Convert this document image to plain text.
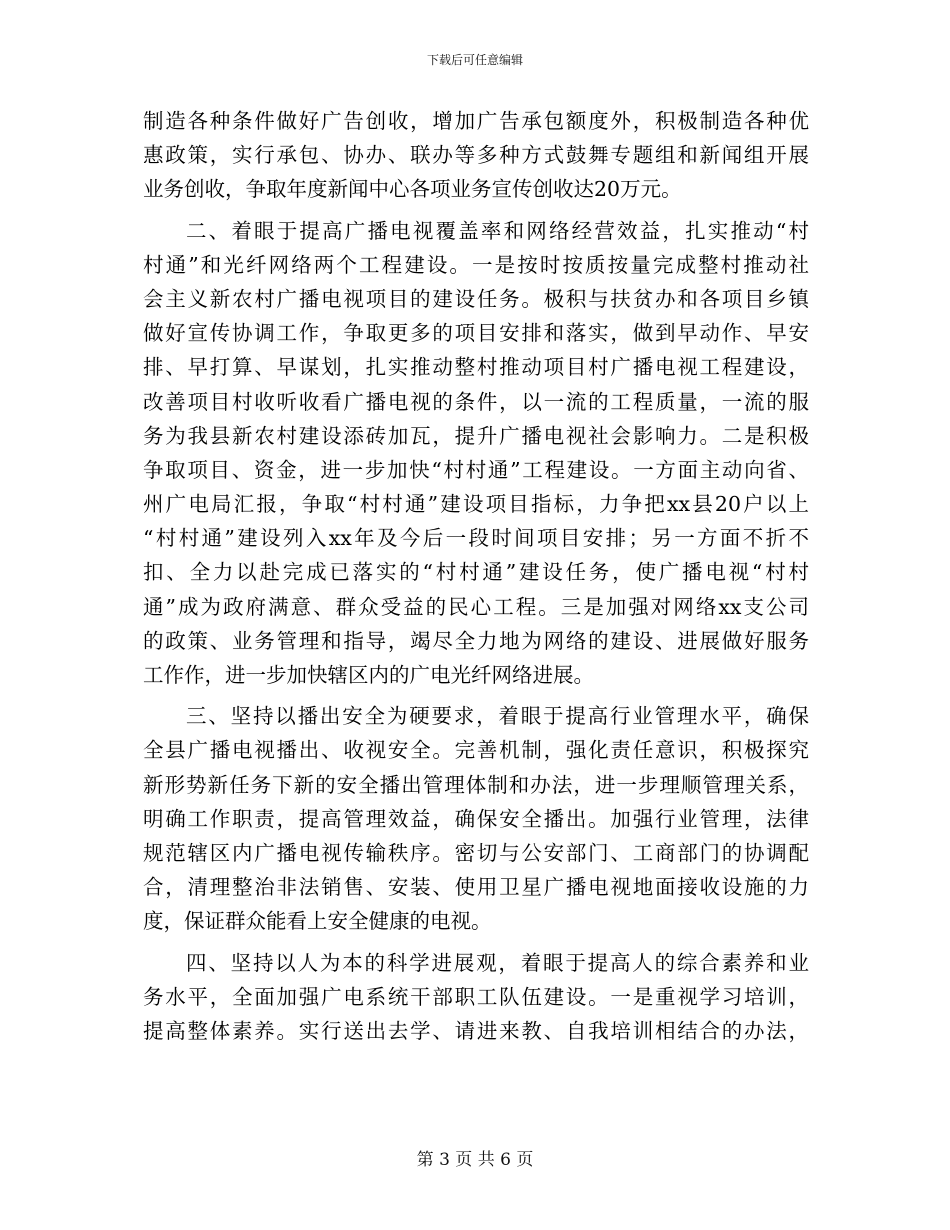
下载后可任意编辑
制造各种条件做好广告创收，增加广告承包额度外，积极制造各种优
惠政策，实行承包、协办、联办等多种方式鼓舞专题组和新闻组开展
业务创收，争取年度新闻中心各项业务宣传创收达20万元。
二、着眼于提高广播电视覆盖率和网络经营效益，扎实推动“村
村通”和光纤网络两个工程建设。一是按时按质按量完成整村推动社
会主义新农村广播电视项目的建设任务。极积与扶贫办和各项目乡镇
做好宣传协调工作，争取更多的项目安排和落实，做到早动作、早安
排、早打算、早谋划，扎实推动整村推动项目村广播电视工程建设，
改善项目村收听收看广播电视的条件，以一流的工程质量，一流的服
务为我县新农村建设添砖加瓦，提升广播电视社会影响力。二是积极
争取项目、资金，进一步加快“村村通”工程建设。一方面主动向省、
州广电局汇报，争取“村村通”建设项目指标，力争把xx县20户以上
“村村通”建设列入xx年及今后一段时间项目安排；另一方面不折不
扣、全力以赴完成已落实的“村村通”建设任务，使广播电视“村村
通”成为政府满意、群众受益的民心工程。三是加强对网络xx支公司
的政策、业务管理和指导，竭尽全力地为网络的建设、进展做好服务
工作作，进一步加快辖区内的广电光纤网络进展。
三、坚持以播出安全为硬要求，着眼于提高行业管理水平，确保
全县广播电视播出、收视安全。完善机制，强化责任意识，积极探究
新形势新任务下新的安全播出管理体制和办法，进一步理顺管理关系，
明确工作职责，提高管理效益，确保安全播出。加强行业管理，法律
规范辖区内广播电视传输秩序。密切与公安部门、工商部门的协调配
合，清理整治非法销售、安装、使用卫星广播电视地面接收设施的力
度，保证群众能看上安全健康的电视。
四、坚持以人为本的科学进展观，着眼于提高人的综合素养和业
务水平，全面加强广电系统干部职工队伍建设。一是重视学习培训，
提高整体素养。实行送出去学、请进来教、自我培训相结合的办法，
第 3 页 共 6 页
